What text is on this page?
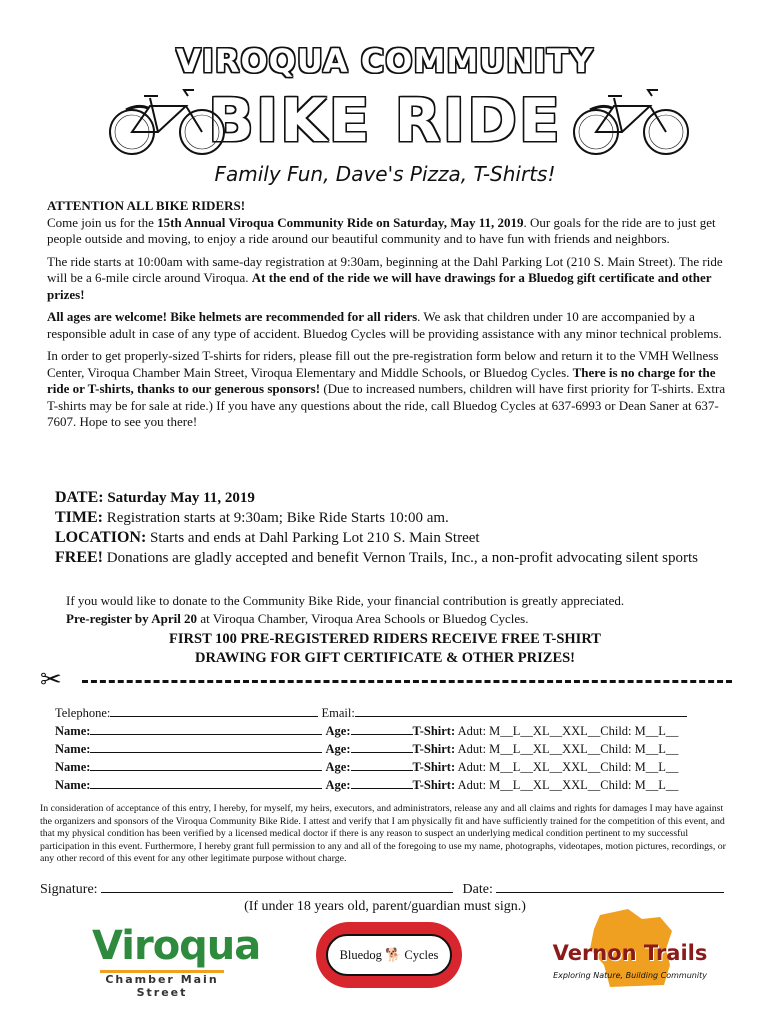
VIROQUA COMMUNITY
BIKE RIDE
Family Fun, Dave's Pizza, T-Shirts!

ATTENTION ALL BIKE RIDERS!

Come join us for the 15th Annual Viroqua Community Ride on Saturday, May 11, 2019. Our goals for the ride are to just get people outside and moving, to enjoy a ride around our beautiful community and to have fun with friends and neighbors.

The ride starts at 10:00am with same-day registration at 9:30am, beginning at the Dahl Parking Lot (210 S. Main Street). The ride will be a 6-mile circle around Viroqua. At the end of the ride we will have drawings for a Bluedog gift certificate and other prizes!

All ages are welcome! Bike helmets are recommended for all riders. We ask that children under 10 are accompanied by a responsible adult in case of any type of accident. Bluedog Cycles will be providing assistance with any minor technical problems.

In order to get properly-sized T-shirts for riders, please fill out the pre-registration form below and return it to the VMH Wellness Center, Viroqua Chamber Main Street, Viroqua Elementary and Middle Schools, or Bluedog Cycles. There is no charge for the ride or T-shirts, thanks to our generous sponsors! (Due to increased numbers, children will have first priority for T-shirts. Extra T-shirts may be for sale at ride.) If you have any questions about the ride, call Bluedog Cycles at 637-6993 or Dean Saner at 637-7607. Hope to see you there!

DATE: Saturday May 11, 2019
TIME: Registration starts at 9:30am; Bike Ride Starts 10:00 am.
LOCATION: Starts and ends at Dahl Parking Lot 210 S. Main Street
FREE! Donations are gladly accepted and benefit Vernon Trails, Inc., a non-profit advocating silent sports
If you would like to donate to the Community Bike Ride, your financial contribution is greatly appreciated.
Pre-register by April 20 at Viroqua Chamber, Viroqua Area Schools or Bluedog Cycles.
FIRST 100 PRE-REGISTERED RIDERS RECEIVE FREE T-SHIRT
DRAWING FOR GIFT CERTIFICATE & OTHER PRIZES!
✂
Telephone:	Email:
Name:	Age:	T-Shirt: Adut: M__L__XL__XXL__Child: M__L__
Name:	Age:	T-Shirt: Adut: M__L__XL__XXL__Child: M__L__
Name:	Age:	T-Shirt: Adut: M__L__XL__XXL__Child: M__L__
Name:	Age:	T-Shirt: Adut: M__L__XL__XXL__Child: M__L__
In consideration of acceptance of this entry, I hereby, for myself, my heirs, executors, and administrators, release any and all claims and rights for damages I may have against the organizers and sponsors of the Viroqua Community Bike Ride. I attest and verify that I am physically fit and have sufficiently trained for the competition of this event, and that my physical condition has been verified by a licensed medical doctor if there is any reason to suspect an underlying medical condition pertinent to my successful participation in this event. Furthermore, I hereby grant full permission to any and all of the foregoing to use my name, photographs, videotapes, motion pictures, recordings, or any other record of this event for any other legitimate purpose without charge.
Signature:	Date:
(If under 18 years old, parent/guardian must sign.)
Viroqua
Chamber Main Street
Bluedog 🐕 Cycles	Vernon Trails
Exploring Nature, Building Community
